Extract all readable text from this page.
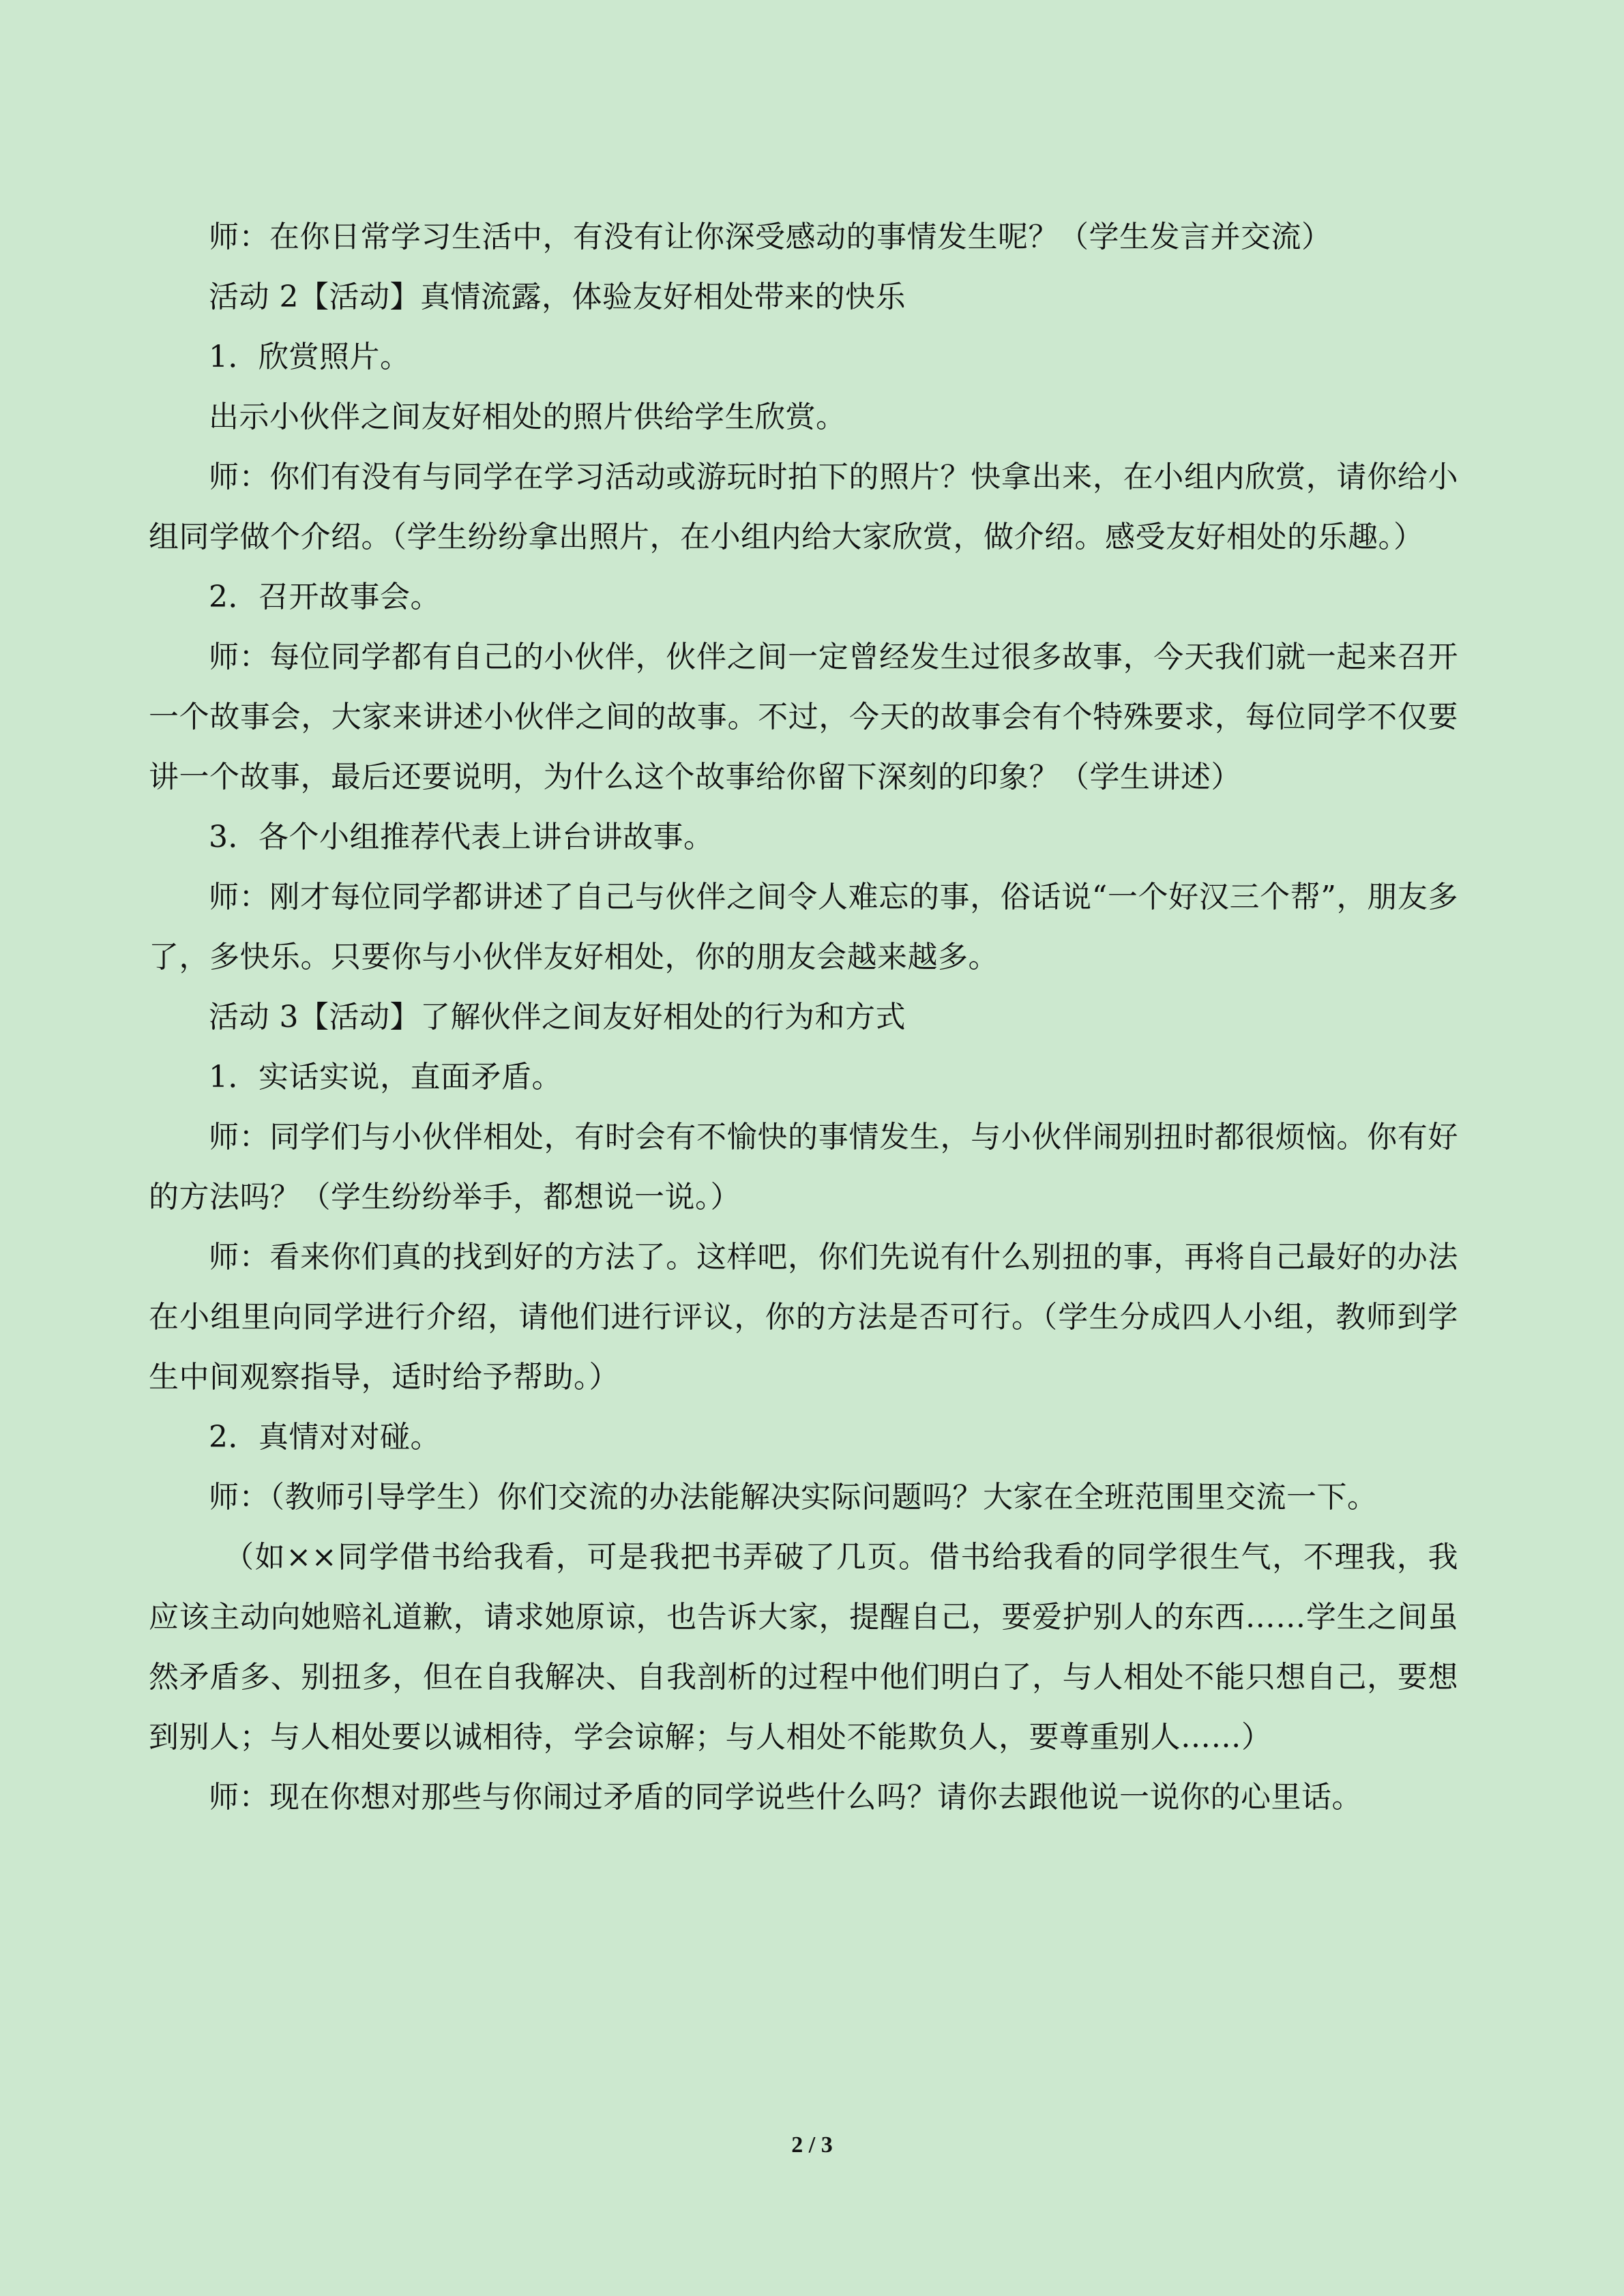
师：在你日常学习生活中，有没有让你深受感动的事情发生呢？（学生发言并交流）

活动 2【活动】真情流露，体验友好相处带来的快乐

1．欣赏照片。

出示小伙伴之间友好相处的照片供给学生欣赏。

师：你们有没有与同学在学习活动或游玩时拍下的照片？快拿出来，在小组内欣赏，请你给小组同学做个介绍。（学生纷纷拿出照片，在小组内给大家欣赏，做介绍。感受友好相处的乐趣。）

2．召开故事会。

师：每位同学都有自己的小伙伴，伙伴之间一定曾经发生过很多故事，今天我们就一起来召开一个故事会，大家来讲述小伙伴之间的故事。不过，今天的故事会有个特殊要求，每位同学不仅要讲一个故事，最后还要说明，为什么这个故事给你留下深刻的印象？（学生讲述）

3．各个小组推荐代表上讲台讲故事。

师：刚才每位同学都讲述了自己与伙伴之间令人难忘的事，俗话说“一个好汉三个帮”，朋友多了，多快乐。只要你与小伙伴友好相处，你的朋友会越来越多。

活动 3【活动】了解伙伴之间友好相处的行为和方式

1．实话实说，直面矛盾。

师：同学们与小伙伴相处，有时会有不愉快的事情发生，与小伙伴闹别扭时都很烦恼。你有好的方法吗？（学生纷纷举手，都想说一说。）

师：看来你们真的找到好的方法了。这样吧，你们先说有什么别扭的事，再将自己最好的办法在小组里向同学进行介绍，请他们进行评议，你的方法是否可行。（学生分成四人小组，教师到学生中间观察指导，适时给予帮助。）

2．真情对对碰。

师：（教师引导学生）你们交流的办法能解决实际问题吗？大家在全班范围里交流一下。

（如××同学借书给我看，可是我把书弄破了几页。借书给我看的同学很生气，不理我，我应该主动向她赔礼道歉，请求她原谅，也告诉大家，提醒自己，要爱护别人的东西……学生之间虽然矛盾多、别扭多，但在自我解决、自我剖析的过程中他们明白了，与人相处不能只想自己，要想到别人；与人相处要以诚相待，学会谅解；与人相处不能欺负人，要尊重别人……）

师：现在你想对那些与你闹过矛盾的同学说些什么吗？请你去跟他说一说你的心里话。

2 / 3
